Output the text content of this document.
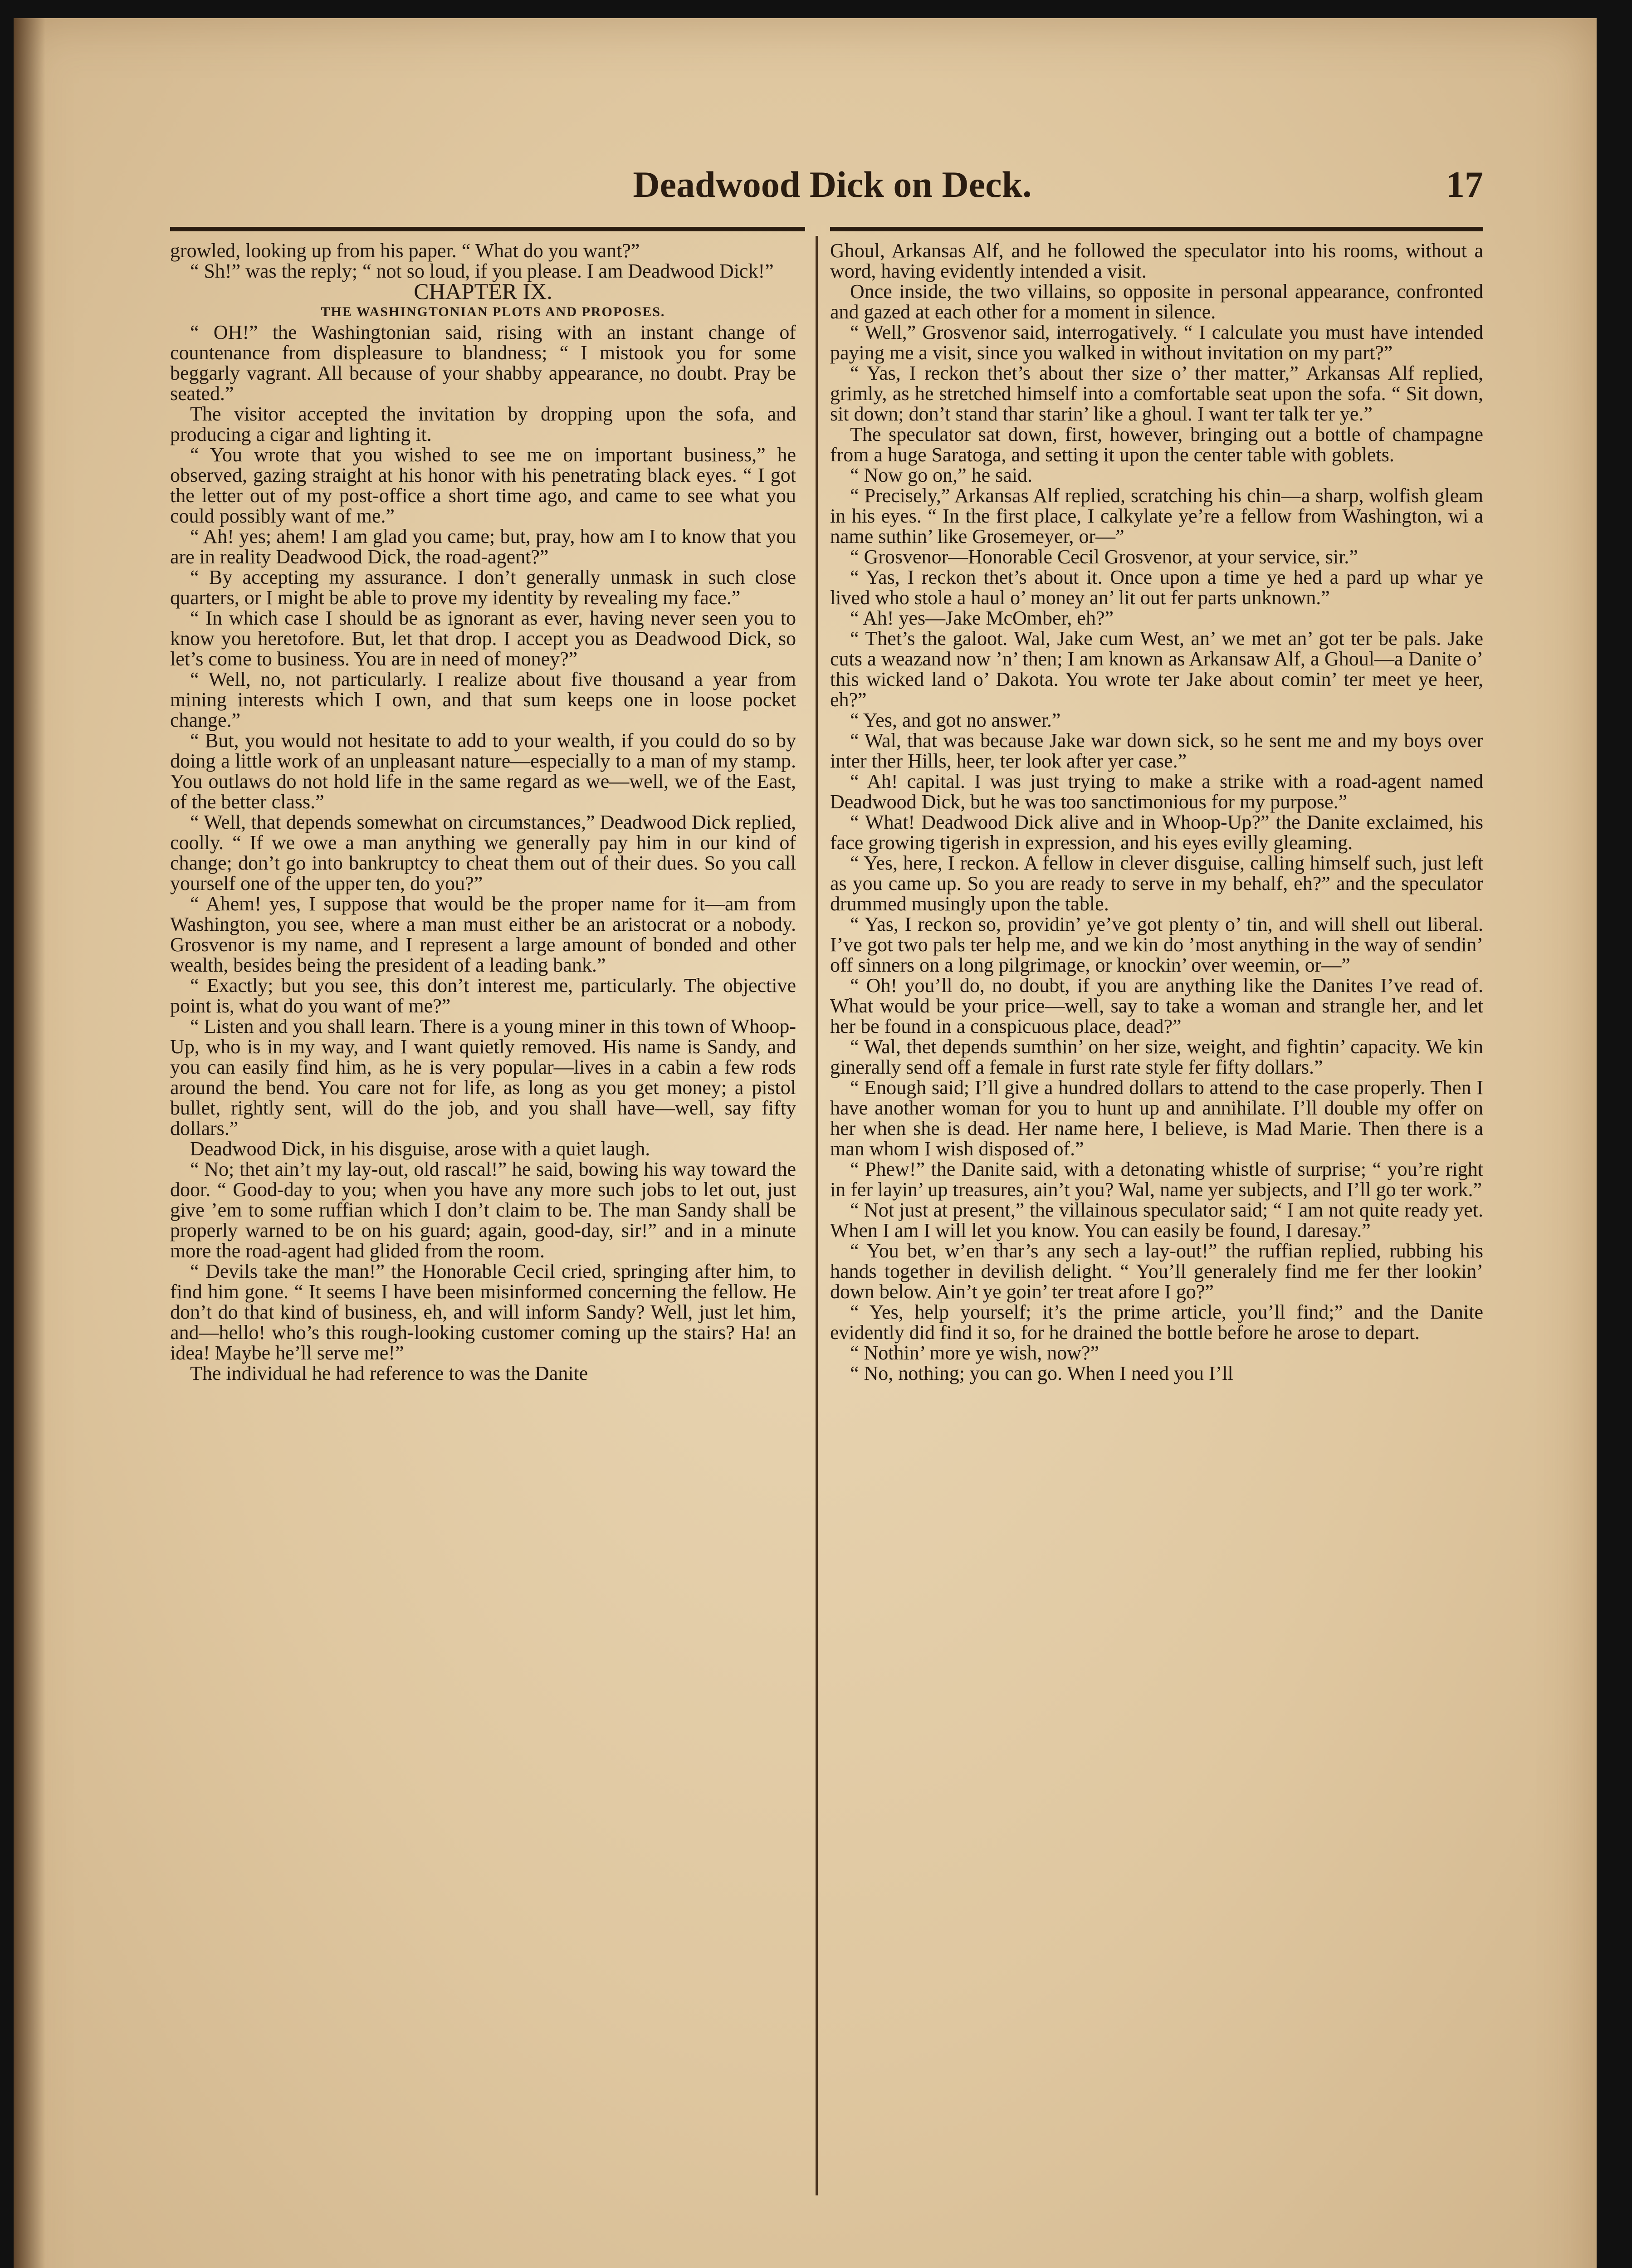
Deadwood Dick on Deck.	17

growled, looking up from his paper. “ What do you want?”

“ Sh!” was the reply; “ not so loud, if you please. I am Deadwood Dick!”

CHAPTER IX.

THE WASHINGTONIAN PLOTS AND PROPOSES.

“ OH!” the Washingtonian said, rising with an instant change of countenance from displeasure to blandness; “ I mistook you for some beggarly vagrant. All because of your shabby appearance, no doubt. Pray be seated.”

The visitor accepted the invitation by dropping upon the sofa, and producing a cigar and lighting it.

“ You wrote that you wished to see me on important business,” he observed, gazing straight at his honor with his penetrating black eyes. “ I got the letter out of my post-office a short time ago, and came to see what you could possibly want of me.”

“ Ah! yes; ahem! I am glad you came; but, pray, how am I to know that you are in reality Deadwood Dick, the road-agent?”

“ By accepting my assurance. I don’t generally unmask in such close quarters, or I might be able to prove my identity by revealing my face.”

“ In which case I should be as ignorant as ever, having never seen you to know you heretofore. But, let that drop. I accept you as Deadwood Dick, so let’s come to business. You are in need of money?”

“ Well, no, not particularly. I realize about five thousand a year from mining interests which I own, and that sum keeps one in loose pocket change.”

“ But, you would not hesitate to add to your wealth, if you could do so by doing a little work of an unpleasant nature—especially to a man of my stamp. You outlaws do not hold life in the same regard as we—well, we of the East, of the better class.”

“ Well, that depends somewhat on circumstances,” Deadwood Dick replied, coolly. “ If we owe a man anything we generally pay him in our kind of change; don’t go into bankruptcy to cheat them out of their dues. So you call yourself one of the upper ten, do you?”

“ Ahem! yes, I suppose that would be the proper name for it—am from Washington, you see, where a man must either be an aristocrat or a nobody. Grosvenor is my name, and I represent a large amount of bonded and other wealth, besides being the president of a leading bank.”

“ Exactly; but you see, this don’t interest me, particularly. The objective point is, what do you want of me?”

“ Listen and you shall learn. There is a young miner in this town of Whoop-Up, who is in my way, and I want quietly removed. His name is Sandy, and you can easily find him, as he is very popular—lives in a cabin a few rods around the bend. You care not for life, as long as you get money; a pistol bullet, rightly sent, will do the job, and you shall have—well, say fifty dollars.”

Deadwood Dick, in his disguise, arose with a quiet laugh.

“ No; thet ain’t my lay-out, old rascal!” he said, bowing his way toward the door. “ Good-day to you; when you have any more such jobs to let out, just give ’em to some ruffian which I don’t claim to be. The man Sandy shall be properly warned to be on his guard; again, good-day, sir!” and in a minute more the road-agent had glided from the room.

“ Devils take the man!” the Honorable Cecil cried, springing after him, to find him gone. “ It seems I have been misinformed concerning the fellow. He don’t do that kind of business, eh, and will inform Sandy? Well, just let him, and—hello! who’s this rough-looking customer coming up the stairs? Ha! an idea! Maybe he’ll serve me!”

The individual he had reference to was the Danite

Ghoul, Arkansas Alf, and he followed the speculator into his rooms, without a word, having evidently intended a visit.

Once inside, the two villains, so opposite in personal appearance, confronted and gazed at each other for a moment in silence.

“ Well,” Grosvenor said, interrogatively. “ I calculate you must have intended paying me a visit, since you walked in without invitation on my part?”

“ Yas, I reckon thet’s about ther size o’ ther matter,” Arkansas Alf replied, grimly, as he stretched himself into a comfortable seat upon the sofa. “ Sit down, sit down; don’t stand thar starin’ like a ghoul. I want ter talk ter ye.”

The speculator sat down, first, however, bringing out a bottle of champagne from a huge Saratoga, and setting it upon the center table with goblets.

“ Now go on,” he said.

“ Precisely,” Arkansas Alf replied, scratching his chin—a sharp, wolfish gleam in his eyes. “ In the first place, I calkylate ye’re a fellow from Washington, wi a name suthin’ like Grosemeyer, or—”

“ Grosvenor—Honorable Cecil Grosvenor, at your service, sir.”

“ Yas, I reckon thet’s about it. Once upon a time ye hed a pard up whar ye lived who stole a haul o’ money an’ lit out fer parts unknown.”

“ Ah! yes—Jake McOmber, eh?”

“ Thet’s the galoot. Wal, Jake cum West, an’ we met an’ got ter be pals. Jake cuts a weazand now ’n’ then; I am known as Arkansaw Alf, a Ghoul—a Danite o’ this wicked land o’ Dakota. You wrote ter Jake about comin’ ter meet ye heer, eh?”

“ Yes, and got no answer.”

“ Wal, that was because Jake war down sick, so he sent me and my boys over inter ther Hills, heer, ter look after yer case.”

“ Ah! capital. I was just trying to make a strike with a road-agent named Deadwood Dick, but he was too sanctimonious for my purpose.”

“ What! Deadwood Dick alive and in Whoop-Up?” the Danite exclaimed, his face growing tigerish in expression, and his eyes evilly gleaming.

“ Yes, here, I reckon. A fellow in clever disguise, calling himself such, just left as you came up. So you are ready to serve in my behalf, eh?” and the speculator drummed musingly upon the table.

“ Yas, I reckon so, providin’ ye’ve got plenty o’ tin, and will shell out liberal. I’ve got two pals ter help me, and we kin do ’most anything in the way of sendin’ off sinners on a long pilgrimage, or knockin’ over weemin, or—”

“ Oh! you’ll do, no doubt, if you are anything like the Danites I’ve read of. What would be your price—well, say to take a woman and strangle her, and let her be found in a conspicuous place, dead?”

“ Wal, thet depends sumthin’ on her size, weight, and fightin’ capacity. We kin ginerally send off a female in furst rate style fer fifty dollars.”

“ Enough said; I’ll give a hundred dollars to attend to the case properly. Then I have another woman for you to hunt up and annihilate. I’ll double my offer on her when she is dead. Her name here, I believe, is Mad Marie. Then there is a man whom I wish disposed of.”

“ Phew!” the Danite said, with a detonating whistle of surprise; “ you’re right in fer layin’ up treasures, ain’t you? Wal, name yer subjects, and I’ll go ter work.”

“ Not just at present,” the villainous speculator said; “ I am not quite ready yet. When I am I will let you know. You can easily be found, I daresay.”

“ You bet, w’en thar’s any sech a lay-out!” the ruffian replied, rubbing his hands together in devilish delight. “ You’ll generalely find me fer ther lookin’ down below. Ain’t ye goin’ ter treat afore I go?”

“ Yes, help yourself; it’s the prime article, you’ll find;” and the Danite evidently did find it so, for he drained the bottle before he arose to depart.

“ Nothin’ more ye wish, now?”

“ No, nothing; you can go. When I need you I’ll
